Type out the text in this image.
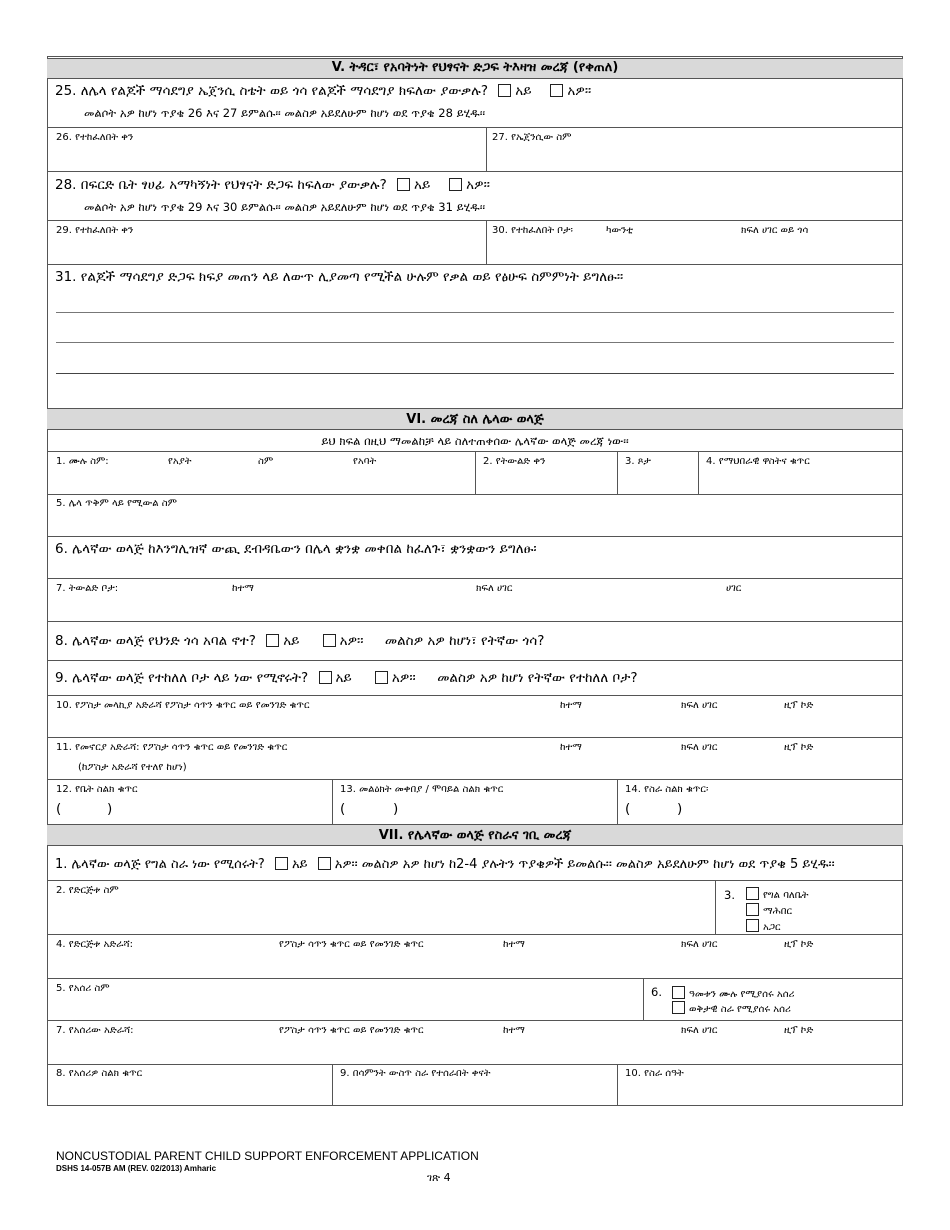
V. ትዳር፣ የአባትነት የህፃናት ድጋፍ ትእዛዝ መረጃ (የቀጠለ)
25. ለሌላ የልጆች ማሳደግያ ኤጀንሲ ስቴት ወይ ጎሳ የልጆች ማሳደግያ ክፍለው ያውቃሉ? አይ	አዎ፡፡
መልሶት አዎ ከሆነ ጥያቄ 26 እና 27 ይምልሱ፡፡ መልስዎ አይደለሁም ከሆነ ወደ ጥያቄ 28 ይሂዱ፡፡
26. የተከፈለበት ቀን	27. የኤጀንሲው ስም
28. በፍርድ ቤት ፃሀፊ አማካኝነት የህፃናት ድጋፍ ከፍለው ያውቃሉ? አይ	አዎ፡፡
መልሶት አዎ ከሆነ ጥያቄ 29 እና 30 ይምልሱ፡፡ መልስዎ አይደለሁም ከሆነ ወደ ጥያቄ 31 ይሂዱ፡፡
29. የተከፈለበት ቀን	30. የተከፈለበት ቦታ፡	ካውንቲ	ክፍለ ሀገር ወይ ጎሳ
31. የልጆች ማሳደግያ ድጋፍ ክፍያ መጠን ላይ ለውጥ ሊያመጣ የሚችል ሁሉም የቃል ወይ የፅሁፍ ስምምነት ይግለፁ፡፡
VI. መረጃ ስለ ሌላው ወላጅ
ይህ ክፍል በዚህ ማመልከቻ ላይ ስለተጠቀሰው ሌላኛው ወላጅ መረጃ ነው፡፡
1. ሙሉ ስም:	የአያት	ስም	የአባት	2. የትውልድ ቀን	3. ጾታ	4. የማህበራዊ ዋስትና ቁጥር
5. ሌላ ጥቅም ላይ የሚውል ስም
6. ሌላኛው ወላጅ ከእንግሊዝኛ ውጪ ደብዳቤውን በሌላ ቋንቋ መቀበል ከፈለጉ፣ ቋንቋውን ይግለፁ፡
7. ትውልድ ቦታ:	ከተማ	ክፍለ ሀገር	ሀገር
8. ሌላኛው ወላጅ የህንድ ጎሳ አባል ኖተ? አይ	አዎ፡፡ መልስዎ አዎ ከሆነ፣ የትኛው ጎሳ?
9. ሌላኛው ወላጅ የተከለለ ቦታ ላይ ነው የሚኖሩት? አይ	አዎ፡፡ መልስዎ አዎ ከሆነ የትኛው የተከለለ ቦታ?
10. የፖስታ መላኪያ አድራሻ የፖስታ ሳጥን ቁጥር ወይ የመንገድ ቁጥር	ከተማ	ክፍለ ሀገር	ዚፕ ኮድ
11. የመኖርያ አድራሻ: የፖስታ ሳጥን ቁጥር ወይ የመንገድ ቁጥር
(ከፖስታ አድራሻ የተለየ ከሆነ)
ከተማ	ክፍለ ሀገር	ዚፕ ኮድ
12. የቤት ስልክ ቁጥር
(	)
13. መልዕክት መቀበያ / ሞባይል ስልክ ቁጥር
(	)
14. የስራ ስልክ ቁጥር፡
(	)
VII. የሌላኛው ወላጅ የስራና ገቢ መረጃ
1. ሌላኛው ወላጅ የግል ስራ ነው የሚሰሩት? አይ አዎ፡፡ መልስዎ አዎ ከሆነ ከ2-4 ያሉትን ጥያቄዎች ይመልሱ፡፡ መልስዎ አይደለሁም ከሆነ ወደ ጥያቄ 5 ይሂዱ፡፡
2. የድርጅቱ ስም	3.	የግል ባለቤት
ማሕበር
አጋር
4. የድርጅቱ አድራሻ:	የፖስታ ሳጥን ቁጥር ወይ የመንገድ ቁጥር	ከተማ	ክፍለ ሀገር	ዚፕ ኮድ
5. የአሰሪ ስም	6.	ዓመቱን ሙሉ የሚያሰሩ አሰሪ
ወቅታዊ ስራ የሚያሰሩ አሰሪ
7. የአሰሪው አድራሻ:	የፖስታ ሳጥን ቁጥር ወይ የመንገድ ቁጥር	ከተማ	ክፍለ ሀገር	ዚፕ ኮድ
8. የአሰሪዎ ስልክ ቁጥር	9. በሳምንት ውስጥ ስራ የተሰራበት ቀናት	10. የስራ ሰዓት
NONCUSTODIAL PARENT CHILD SUPPORT ENFORCEMENT APPLICATION
DSHS 14-057B AM (REV. 02/2013) Amharic
ገጽ 4
